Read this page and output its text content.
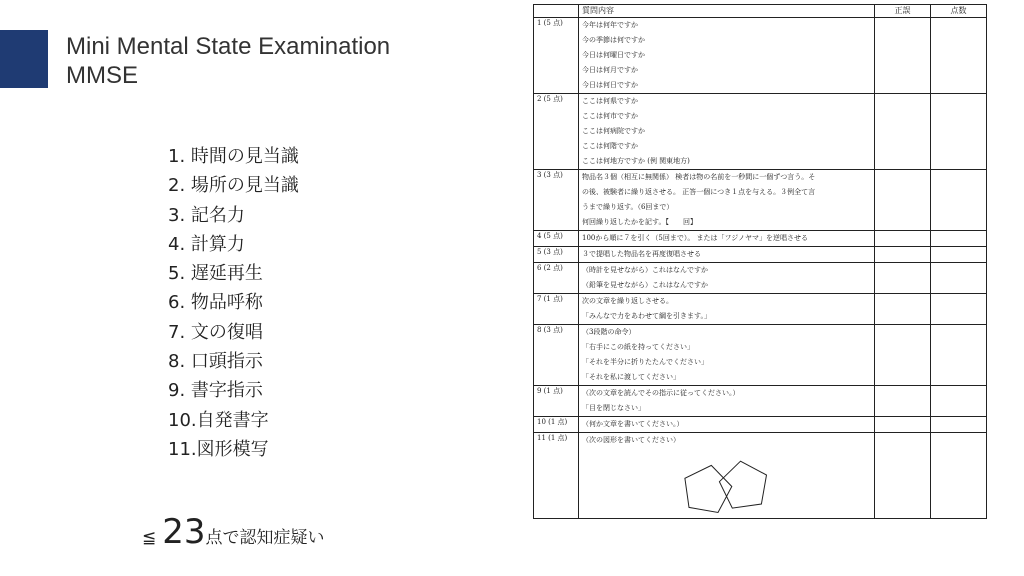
Mini Mental State Examination
MMSE
1. 時間の見当識
2. 場所の見当識
3. 記名力
4. 計算力
5. 遅延再生
6. 物品呼称
7. 文の復唱
8. 口頭指示
9. 書字指示
10.自発書字
11.図形模写
≦ 23点で認知症疑い
	質問内容	正誤	点数
1 (5 点)	今年は何年ですか
今の季節は何ですか
今日は何曜日ですか
今日は何月ですか
今日は何日ですか		

2 (5 点)	ここは何県ですか
ここは何市ですか
ここは何病院ですか
ここは何階ですか
ここは何地方ですか (例 関東地方)		

3 (3 点)	物品名３個（相互に無関係） 検者は物の名前を一秒間に一個ずつ言う。そ
の後、被験者に繰り返させる。 正答一個につき１点を与える。３例全て言
うまで繰り返す。（6回まで）
何回繰り返したかを記す。【　　回】		

4 (5 点)	100から順に７を引く（5回まで）。 または「フジノヤマ」を逆唱させる		

5 (3 点)	３で提唱した物品名を再度復唱させる		

6 (2 点)	（時計を見せながら）これはなんですか
（鉛筆を見せながら）これはなんですか		

7 (1 点)	次の文章を繰り返しさせる。
「みんなで力をあわせて綱を引きます。」		

8 (3 点)	（3段階の命令）
「右手にこの紙を持ってください」
「それを半分に折りたたんでください」
「それを私に渡してください」		

9 (1 点)	（次の文章を読んでその指示に従ってください。）
「目を閉じなさい」		

10 (1 点)	（何か文章を書いてください。）		

11 (1 点)	（次の図形を書いてください）		
